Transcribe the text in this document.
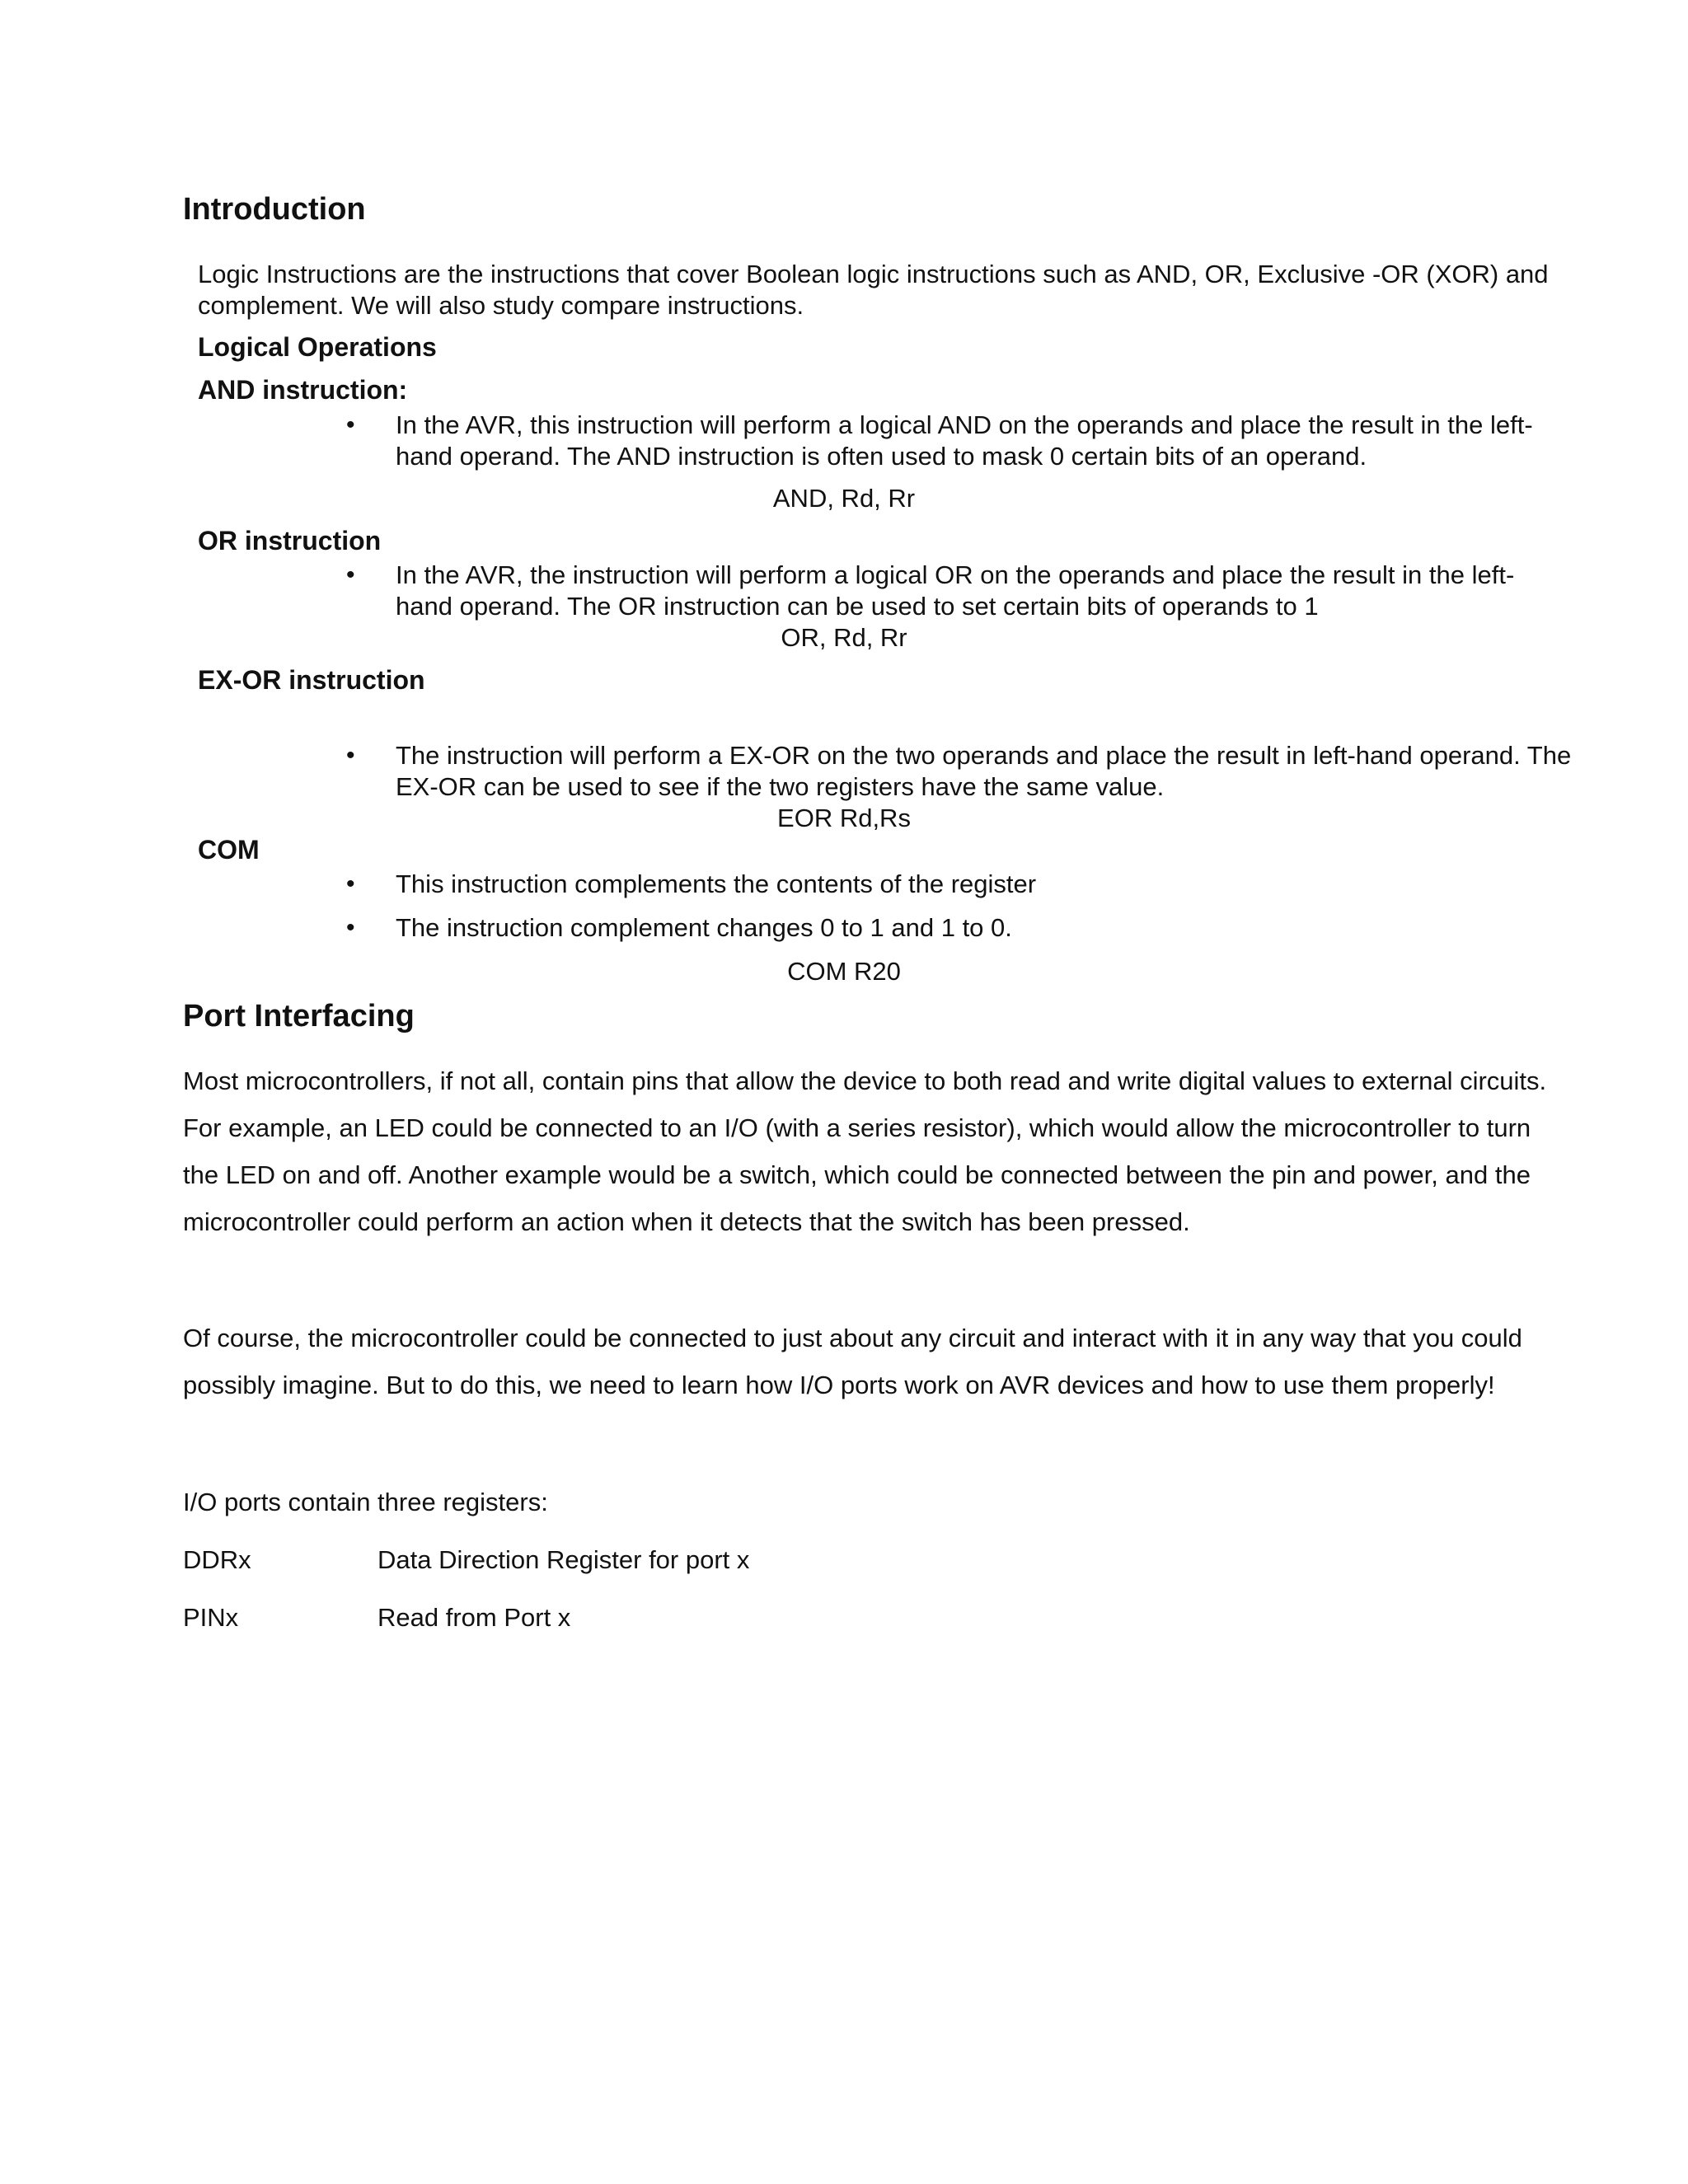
Introduction
Logic Instructions are the instructions that cover Boolean logic instructions such as AND, OR, Exclusive -OR (XOR) and
complement. We will also study compare instructions.
Logical Operations
AND instruction:
• In the AVR, this instruction will perform a logical AND on the operands and place the result in the left-
hand operand. The AND instruction is often used to mask 0 certain bits of an operand.
AND, Rd, Rr
OR instruction
• In the AVR, the instruction will perform a logical OR on the operands and place the result in the left-
hand operand. The OR instruction can be used to set certain bits of operands to 1
OR, Rd, Rr
EX-OR instruction
• The instruction will perform a EX-OR on the two operands and place the result in left-hand operand. The
EX-OR can be used to see if the two registers have the same value.
EOR Rd,Rs
COM
• This instruction complements the contents of the register
• The instruction complement changes 0 to 1 and 1 to 0.
COM R20
Port Interfacing
Most microcontrollers, if not all, contain pins that allow the device to both read and write digital values to external circuits.
For example, an LED could be connected to an I/O (with a series resistor), which would allow the microcontroller to turn
the LED on and off. Another example would be a switch, which could be connected between the pin and power, and the
microcontroller could perform an action when it detects that the switch has been pressed.
Of course, the microcontroller could be connected to just about any circuit and interact with it in any way that you could
possibly imagine. But to do this, we need to learn how I/O ports work on AVR devices and how to use them properly!
I/O ports contain three registers:
DDRx	Data Direction Register for port x
PINx	Read from Port x
